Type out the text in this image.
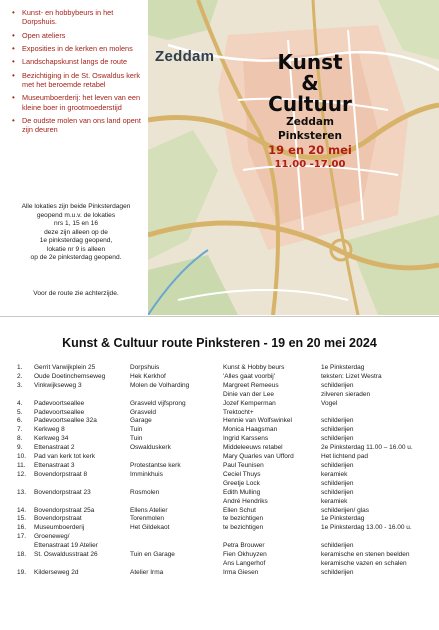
• Kunst- en hobbybeurs in het Dorpshuis.
• Open ateliers
• Exposities in de kerken en molens
• Landschapskunst langs de route
• Bezichtiging in de St. Oswaldus kerk met het beroemde retabel
• Museumboerderij: het leven van een kleine boer in grootmoederstijd
• De oudste molen van ons land opent zijn deuren

Alle lokaties zijn beide Pinksterdagen

geopend m.u.v. de lokaties

nrs 1, 15 en 16

deze zijn alleen op de

1e pinksterdag geopend,

lokatie nr 9 is alleen

op de 2e pinksterdag geopend.

Voor de route zie achterzijde.
Zeddam	Kunst
&
Cultuur
Zeddam
Pinksteren
19 en 20 mei
11.00 -17.00
Kunst & Cultuur route Pinksteren - 19 en 20 mei 2024
1.	Gerrit Varwijkplein 25	Dorpshuis	Kunst & Hobby beurs	1e Pinksterdag
2.	Oude Doetinchemseweg	Hek Kerkhof	'Alles gaat voorbij'	teksten: Lizet Westra
3.	Vinkwijkseweg 3	Molen de Volharding	Margreet Remeeus	schilderijen
			Dinie van der Lee	zilveren sieraden
4.	Padevoortseallee	Grasveld vijfsprong	Jozef Kemperman	Vogel
5.	Padevoortseallee	Grasveld	Trektocht+	
6.	Padevoortseallee 32a	Garage	Hennie van Wolfswinkel	schilderijen
7.	Kerkweg 8	Tuin	Monica Haagsman	schilderijen
8.	Kerkweg 34	Tuin	Ingrid Karssens	schilderijen
9.	Ettenastraat 2	Oswalduskerk	Middeleeuws retabel	2e Pinksterdag 11.00 – 16.00 u.
10.	Pad van kerk tot kerk		Mary Quarles van Ufford	Het lichtend pad
11.	Ettenastraat 3	Protestantse kerk	Paul Teunisen	schilderijen
12.	Bovendorpstraat 8	Imminkhuis	Ceciel Thuys	keramiek
			Greetje Lock	schilderijen
13.	Bovendorpstraat 23	Rosmolen	Edith Mulling	schilderijen
			André Hendriks	keramiek
14.	Bovendorpstraat 25a	Ellens Atelier	Ellen Schut	schilderijen/ glas
15.	Bovendorpstraat	Torenmolen	te bezichtigen	1e Pinksterdag
16.	Museumboerderij	Het Gildekaot	te bezichtigen	1e Pinksterdag 13.00 - 16.00 u.
17.	Groeneweg/			
	Ettenastraat 19 Atelier		Petra Brouwer	schilderijen
18.	St. Oswaldusstraat 26	Tuin en Garage	Fien Okhuyzen	keramische en stenen beelden
			Ans Langerhof	keramische vazen en schalen
19.	Kilderseweg 2d	Atelier Irma	Irma Giesen	schilderijen
